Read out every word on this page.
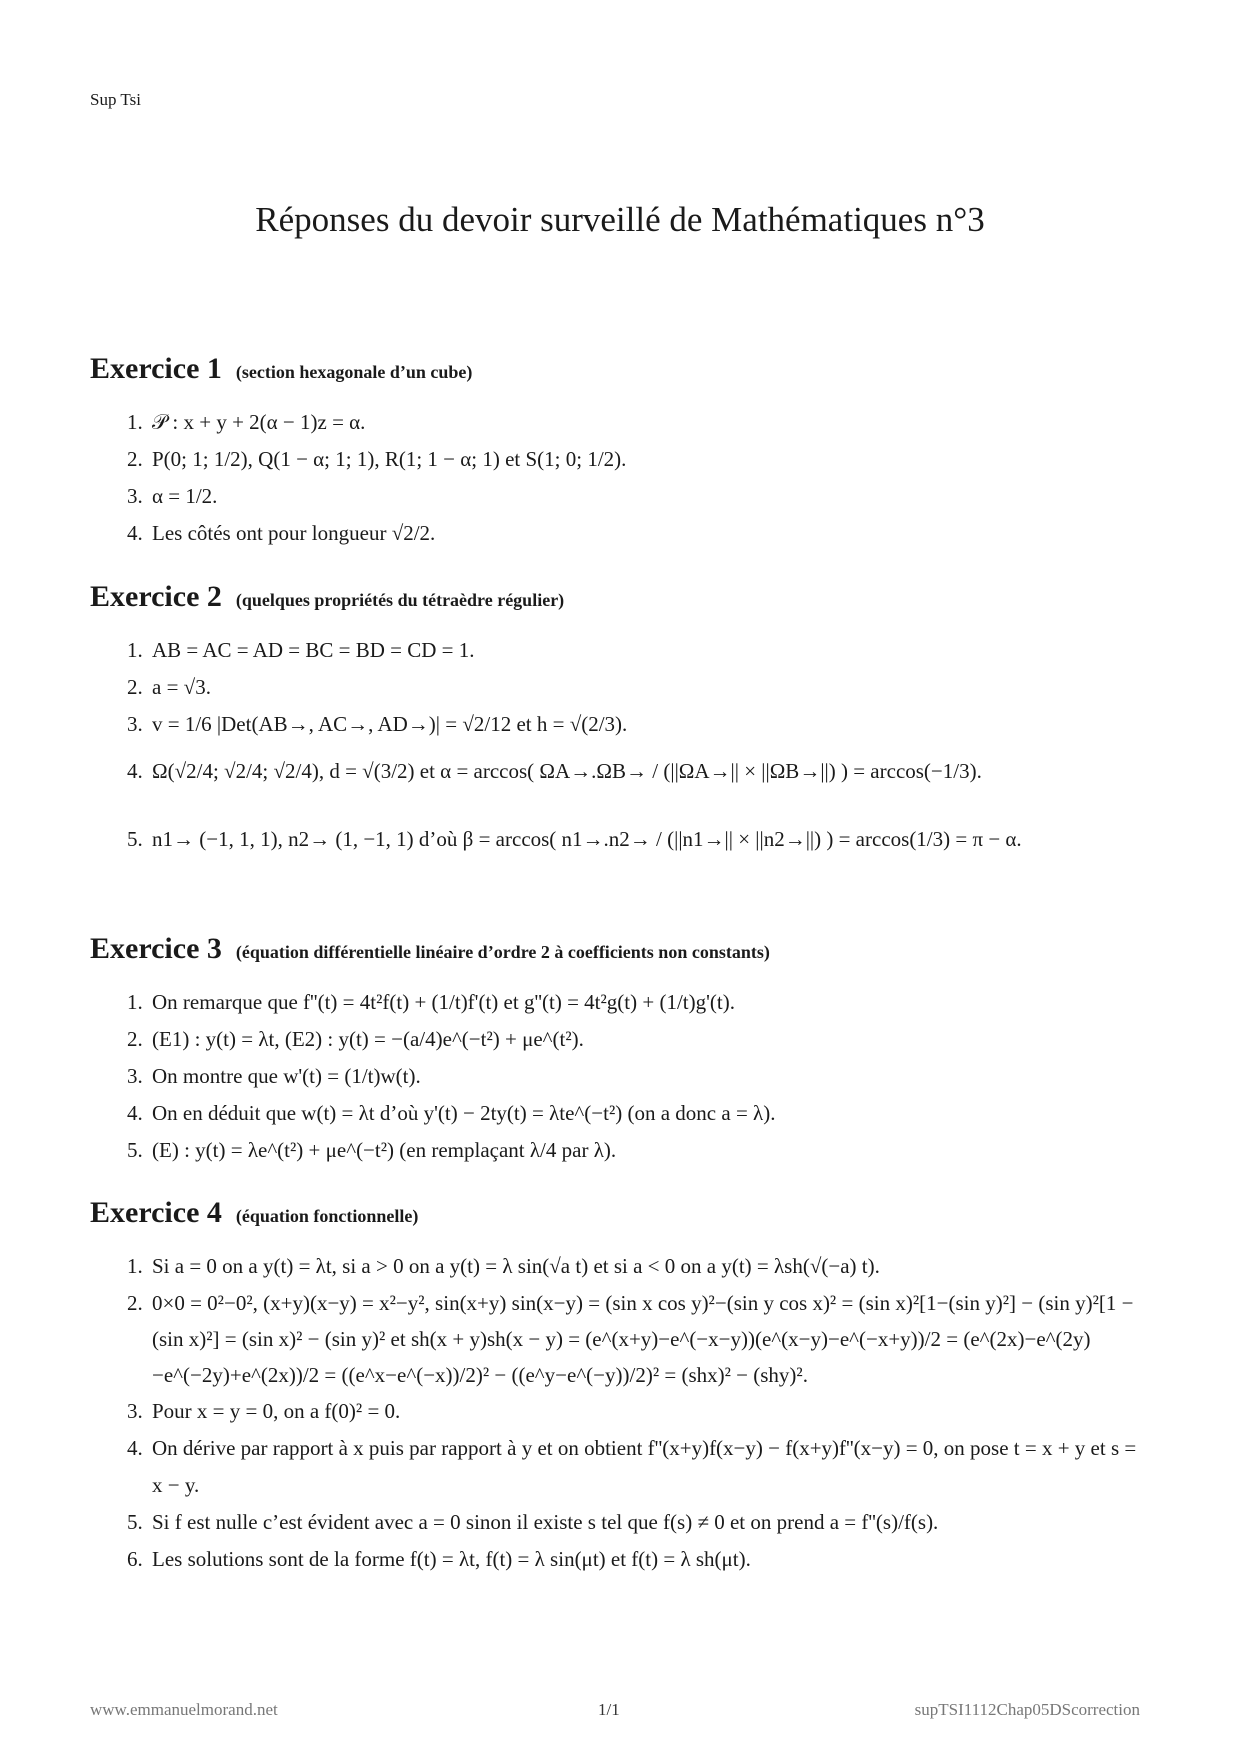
Sup Tsi
Réponses du devoir surveillé de Mathématiques n°3
Exercice 1 (section hexagonale d’un cube)
1. 𝒫 : x + y + 2(α − 1)z = α.
2. P(0; 1; 1/2), Q(1 − α; 1; 1), R(1; 1 − α; 1) et S(1; 0; 1/2).
3. α = 1/2.
4. Les côtés ont pour longueur √2/2.
Exercice 2 (quelques propriétés du tétraèdre régulier)
1. AB = AC = AD = BC = BD = CD = 1.
2. a = √3.
3. v = 1/6 |Det(AB→, AC→, AD→)| = √2/12 et h = √(2/3).
4. Ω(√2/4; √2/4; √2/4), d = √(3/2) et α = arccos( ΩA→.ΩB→ / (||ΩA→|| × ||ΩB→||) ) = arccos(−1/3).
5. n1→ (−1, 1, 1), n2→ (1, −1, 1) d’où β = arccos( n1→.n2→ / (||n1→|| × ||n2→||) ) = arccos(1/3) = π − α.
Exercice 3 (équation différentielle linéaire d’ordre 2 à coefficients non constants)
1. On remarque que f''(t) = 4t²f(t) + (1/t)f'(t) et g''(t) = 4t²g(t) + (1/t)g'(t).
2. (E1) : y(t) = λt, (E2) : y(t) = −(a/4)e^(−t²) + μe^(t²).
3. On montre que w'(t) = (1/t)w(t).
4. On en déduit que w(t) = λt d’où y'(t) − 2ty(t) = λte^(−t²) (on a donc a = λ).
5. (E) : y(t) = λe^(t²) + μe^(−t²) (en remplaçant λ/4 par λ).
Exercice 4 (équation fonctionnelle)
1. Si a = 0 on a y(t) = λt, si a > 0 on a y(t) = λ sin(√a t) et si a < 0 on a y(t) = λsh(√(−a) t).
2. 0×0 = 0²−0², (x+y)(x−y) = x²−y², sin(x+y) sin(x−y) = (sin x cos y)²−(sin y cos x)² = (sin x)²[1−(sin y)²] − (sin y)²[1 − (sin x)²] = (sin x)² − (sin y)² et sh(x + y)sh(x − y) = (e^(x+y)−e^(−x−y))(e^(x−y)−e^(−x+y))/2 = (e^(2x)−e^(2y)−e^(−2y)+e^(2x))/2 = ((e^x−e^(−x))/2)² − ((e^y−e^(−y))/2)² = (shx)² − (shy)².
3. Pour x = y = 0, on a f(0)² = 0.
4. On dérive par rapport à x puis par rapport à y et on obtient f''(x+y)f(x−y) − f(x+y)f''(x−y) = 0, on pose t = x + y et s = x − y.
5. Si f est nulle c’est évident avec a = 0 sinon il existe s tel que f(s) ≠ 0 et on prend a = f''(s)/f(s).
6. Les solutions sont de la forme f(t) = λt, f(t) = λ sin(μt) et f(t) = λ sh(μt).
www.emmanuelmorand.net	1/1	supTSI1112Chap05DScorrection
